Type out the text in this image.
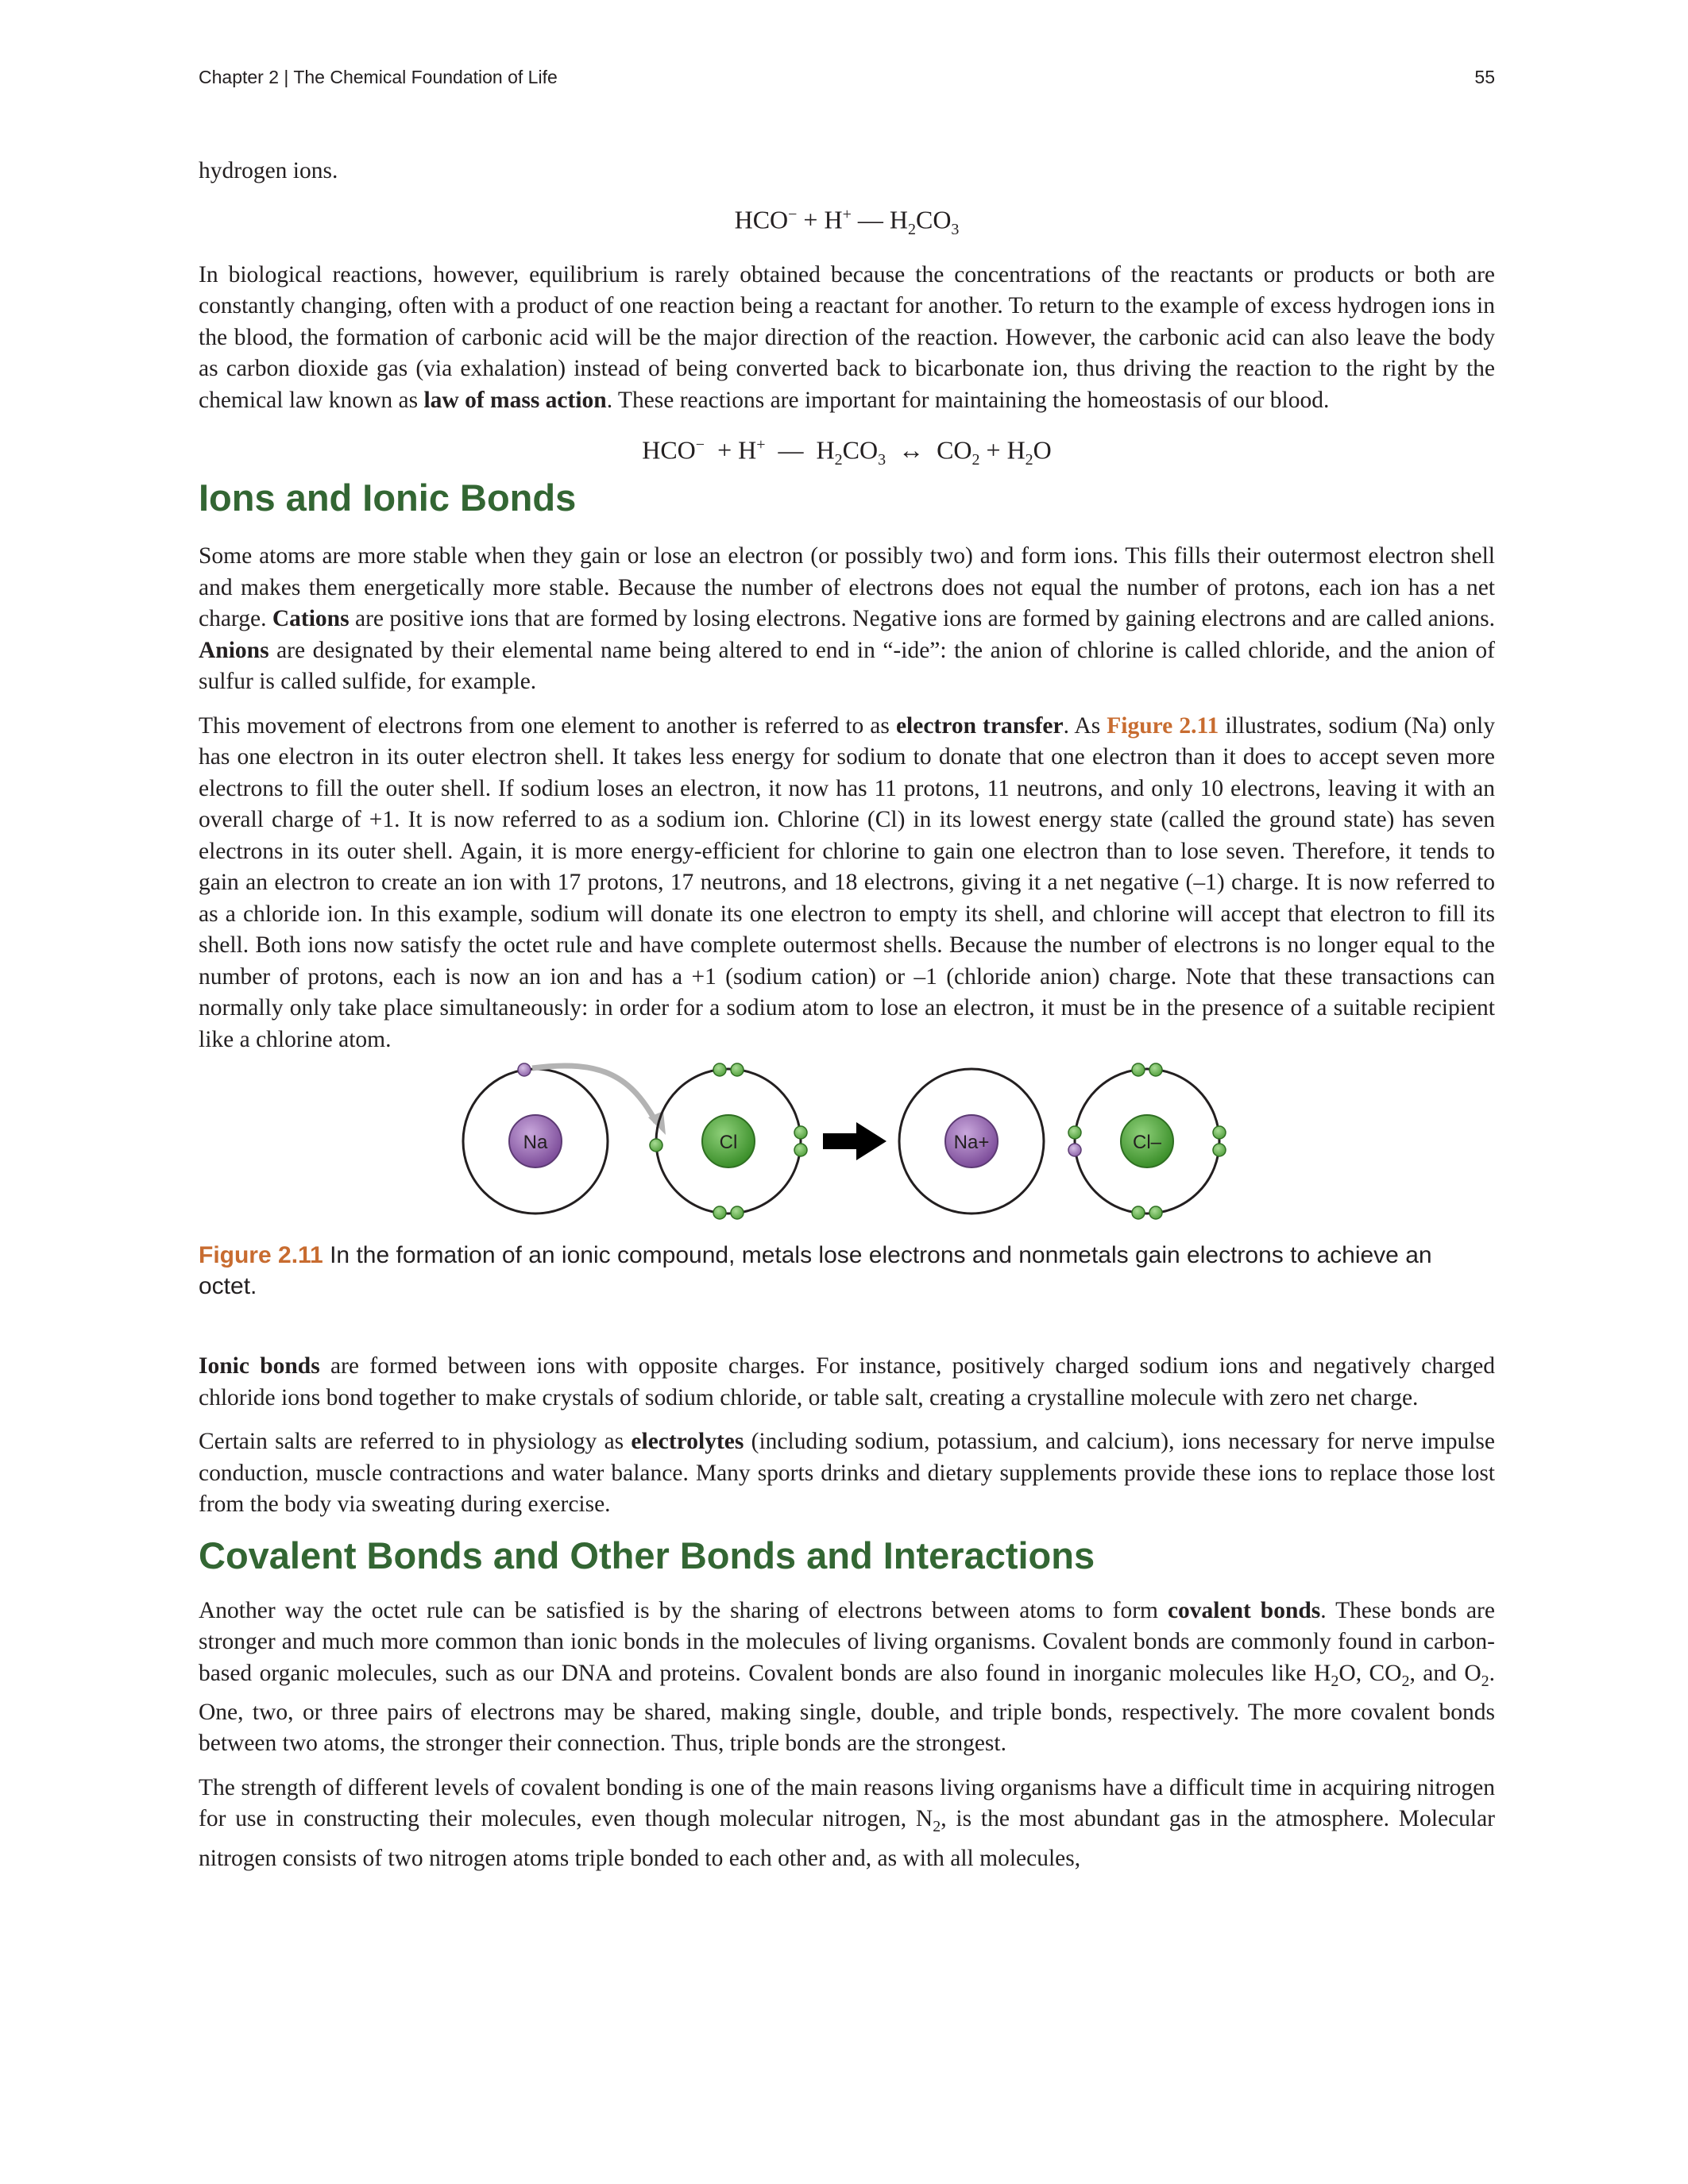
Chapter 2 | The Chemical Foundation of Life	55

hydrogen ions.

HCO− + H+ — $H_2CO_3$

In biological reactions, however, equilibrium is rarely obtained because the concentrations of the reactants or products or both are constantly changing, often with a product of one reaction being a reactant for another. To return to the example of excess hydrogen ions in the blood, the formation of carbonic acid will be the major direction of the reaction. However, the carbonic acid can also leave the body as carbon dioxide gas (via exhalation) instead of being converted back to bicarbonate ion, thus driving the reaction to the right by the chemical law known as law of mass action. These reactions are important for maintaining the homeostasis of our blood.

HCO−  + H+  —  $H_2CO_3$  ↔  $CO_2 + H_2O$
Ions and Ionic Bonds

Some atoms are more stable when they gain or lose an electron (or possibly two) and form ions. This fills their outermost electron shell and makes them energetically more stable. Because the number of electrons does not equal the number of protons, each ion has a net charge. Cations are positive ions that are formed by losing electrons. Negative ions are formed by gaining electrons and are called anions. Anions are designated by their elemental name being altered to end in “-ide”: the anion of chlorine is called chloride, and the anion of sulfur is called sulfide, for example.

This movement of electrons from one element to another is referred to as electron transfer. As Figure 2.11 illustrates, sodium (Na) only has one electron in its outer electron shell. It takes less energy for sodium to donate that one electron than it does to accept seven more electrons to fill the outer shell. If sodium loses an electron, it now has 11 protons, 11 neutrons, and only 10 electrons, leaving it with an overall charge of +1. It is now referred to as a sodium ion. Chlorine (Cl) in its lowest energy state (called the ground state) has seven electrons in its outer shell. Again, it is more energy-efficient for chlorine to gain one electron than to lose seven. Therefore, it tends to gain an electron to create an ion with 17 protons, 17 neutrons, and 18 electrons, giving it a net negative (–1) charge. It is now referred to as a chloride ion. In this example, sodium will donate its one electron to empty its shell, and chlorine will accept that electron to fill its shell. Both ions now satisfy the octet rule and have complete outermost shells. Because the number of electrons is no longer equal to the number of protons, each is now an ion and has a +1 (sodium cation) or –1 (chloride anion) charge. Note that these transactions can normally only take place simultaneously: in order for a sodium atom to lose an electron, it must be in the presence of a suitable recipient like a chlorine atom.

Na	Cl	Na+	Cl–
Figure 2.11 In the formation of an ionic compound, metals lose electrons and nonmetals gain electrons to achieve an octet.

Ionic bonds are formed between ions with opposite charges. For instance, positively charged sodium ions and negatively charged chloride ions bond together to make crystals of sodium chloride, or table salt, creating a crystalline molecule with zero net charge.

Certain salts are referred to in physiology as electrolytes (including sodium, potassium, and calcium), ions necessary for nerve impulse conduction, muscle contractions and water balance. Many sports drinks and dietary supplements provide these ions to replace those lost from the body via sweating during exercise.

Covalent Bonds and Other Bonds and Interactions

Another way the octet rule can be satisfied is by the sharing of electrons between atoms to form covalent bonds. These bonds are stronger and much more common than ionic bonds in the molecules of living organisms. Covalent bonds are commonly found in carbon-based organic molecules, such as our DNA and proteins. Covalent bonds are also found in inorganic molecules like $H_2O$, $CO_2$, and $O_2$. One, two, or three pairs of electrons may be shared, making single, double, and triple bonds, respectively. The more covalent bonds between two atoms, the stronger their connection. Thus, triple bonds are the strongest.

The strength of different levels of covalent bonding is one of the main reasons living organisms have a difficult time in acquiring nitrogen for use in constructing their molecules, even though molecular nitrogen, $N_2$, is the most abundant gas in the atmosphere. Molecular nitrogen consists of two nitrogen atoms triple bonded to each other and, as with all molecules,
